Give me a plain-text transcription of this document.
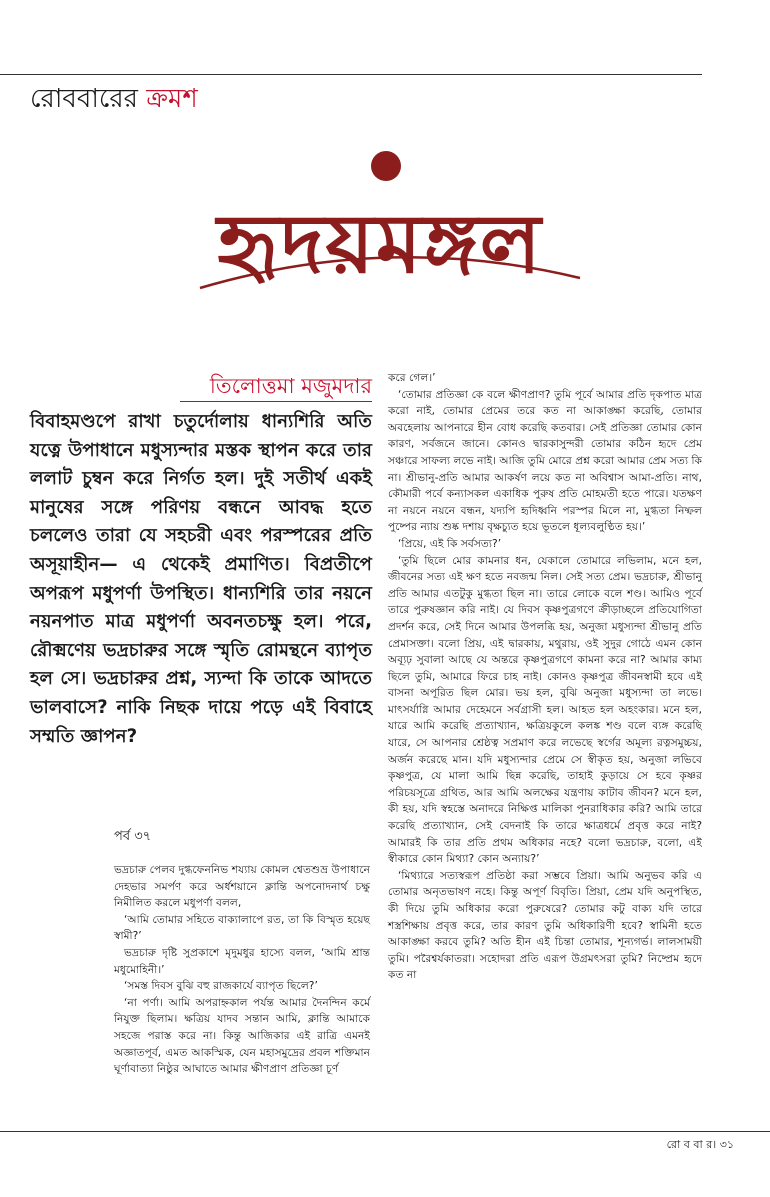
রোববারের ক্রমশ
হৃদয়মঙ্গল
তিলোত্তমা মজুমদার

বিবাহমণ্ডপে রাখা চতুর্দোলায় ধান্যশিরি অতি যত্নে উপাধানে মধুস্যন্দার মস্তক স্থাপন করে তার ললাট চুম্বন করে নির্গত হল। দুই সতীর্থ একই মানুষের সঙ্গে পরিণয় বন্ধনে আবদ্ধ হতে চললেও তারা যে সহচরী এবং পরস্পরের প্রতি অসূয়াহীন— এ থেকেই প্রমাণিত। বিপ্রতীপে অপরূপ মধুপর্ণা উপস্থিত। ধান্যশিরি তার নয়নে নয়নপাত মাত্র মধুপর্ণা অবনতচক্ষু হল। পরে, রৌক্মণেয় ভদ্রচারুর সঙ্গে স্মৃতি রোমন্থনে ব্যাপৃত হল সে। ভদ্রচারুর প্রশ্ন, স্যন্দা কি তাকে আদতে ভালবাসে? নাকি নিছক দায়ে পড়ে এই বিবাহে সম্মতি জ্ঞাপন?

পর্ব ৩৭

ভদ্রচারু পেলব দুগ্ধফেননিভ শয্যায় কোমল শ্বেতশুভ্র উপাধানে দেহভার সমর্পণ করে অর্ধশয়ানে ক্লান্তি অপনোদনার্থ চক্ষু নিমীলিত করলে মধুপর্ণা বলল,

‘আমি তোমার সহিতে বাক্যালাপে রত, তা কি বিস্মৃত হয়েছ স্বামী?’

ভদ্রচারু দৃষ্টি সুপ্রকাশে মৃদুমধুর হাস্যে বলল, ‘আমি শ্রান্ত মধুমোহিনী।’

‘সমস্ত দিবস বুঝি বহু রাজকার্যে ব্যাপৃত ছিলে?’

‘না পর্ণা। আমি অপরাহ্নকাল পর্যন্ত আমার দৈনন্দিন কর্মে নিযুক্ত ছিলাম। ক্ষত্রিয় যাদব সন্তান আমি, ক্লান্তি আমাকে সহজে পরাস্ত করে না। কিন্তু আজিকার এই রাত্রি এমনই অজ্ঞাতপূর্ব, এমত আকস্মিক, যেন মহাসমুদ্রের প্রবল শক্তিমান ঘূর্ণাবাত্যা নিষ্ঠুর আঘাতে আমার ক্ষীণপ্রাণ প্রতিজ্ঞা চূর্ণ

করে গেল।’

‘তোমার প্রতিজ্ঞা কে বলে ক্ষীণপ্রাণ? তুমি পূর্বে আমার প্রতি দৃকপাত মাত্র করো নাই, তোমার প্রেমের তরে কত না আকাঙ্ক্ষা করেছি, তোমার অবহেলায় আপনারে হীন বোধ করেছি কতবার। সেই প্রতিজ্ঞা তোমার কোন কারণ, সর্বজনে জানে। কোনও দ্বারকাসুন্দরী তোমার কঠিন হৃদে প্রেম সঞ্চারে সাফল্য লভে নাই। আজি তুমি মোরে প্রশ্ন করো আমার প্রেম সত্য কি না। শ্রীভানু-প্রতি আমার আকর্ষণ লয়ে কত না অবিশ্বাস আমা-প্রতি। নাথ, কৌমারী পর্বে কন্যাসকল একাধিক পুরুষ প্রতি মোহমতী হতে পারে। যতক্ষণ না নয়নে নয়নে বন্ধন, যদ্যপি হৃদিধ্বনি পরস্পর মিলে না, মুগ্ধতা নিষ্ফল পুষ্পের ন্যায় শুষ্ক দশায় বৃক্ষচ্যুত হয়ে ভূতলে ধূল্যবলুণ্ঠিত হয়।’

‘প্রিয়ে, এই কি সর্বসত্য?’

‘তুমি ছিলে মোর কামনার ধন, যেকালে তোমারে লভিলাম, মনে হল, জীবনের সত্য এই ক্ষণ হতে নবজন্ম নিল। সেই সত্য প্রেম। ভদ্রচারু, শ্রীভানু প্রতি আমার এতটুকু মুগ্ধতা ছিল না। তারে লোকে বলে শণ্ড। আমিও পূর্বে তারে পুরুষজ্ঞান করি নাই। যে দিবস কৃষ্ণপুত্রগণে ক্রীড়াচ্ছলে প্রতিযোগিতা প্রদর্শন করে, সেই দিনে আমার উপলব্ধি হয়, অনুজা মধুস্যন্দা শ্রীভানু প্রতি প্রেমাসক্তা। বলো প্রিয়, এই দ্বারকায়, মথুরায়, ওই সুদুর গোঠে এমন কোন অব্যূঢ় সুবালা আছে যে অন্তরে কৃষ্ণপুত্রগণে কামনা করে না? আমার কাম্য ছিলে তুমি, আমারে ফিরে চাহ নাই। কোনও কৃষ্ণপুত্র জীবনস্বামী হবে এই বাসনা অপূরিত ছিল মোর। ভয় হল, বুঝি অনুজা মধুস্যন্দা তা লভে। মাৎসর্যাগ্নি আমার দেহেমনে সর্বগ্রাসী হল। আহত হল অহংকার। মনে হল, যারে আমি করেছি প্রত্যাখ্যান, ক্ষত্রিয়কুলে কলঙ্ক শণ্ড বলে ব্যঙ্গ করেছি যারে, সে আপনার শ্রেষ্ঠত্ব সপ্রমাণ করে লভেছে স্বর্গের অমূল্য রত্নসমুচ্চয়, অর্জন করেছে মান। যদি মধুস্যন্দার প্রেমে সে স্বীকৃত হয়, অনুজা লভিবে কৃষ্ণপুত্র, যে মালা আমি ছিন্ন করেছি, তাহাই কুড়ায়ে সে হবে কৃষ্ণর পরিচয়সূত্রে গ্রথিত, আর আমি অলক্ষের যন্ত্রণায় কাটাব জীবন? মনে হল, কী হয়, যদি স্বহস্তে অনাদরে নিক্ষিপ্ত মালিকা পুনরাধিকার করি? আমি তারে করেছি প্রত্যাখ্যান, সেই বেদনাই কি তারে ক্ষাত্রধর্মে প্রবৃত্ত করে নাই? আমারই কি তার প্রতি প্রথম অধিকার নহে? বলো ভদ্রচারু, বলো, এই স্বীকারে কোন মিথ্যা? কোন অন্যায়?’

‘মিথ্যারে সত্যস্বরূপ প্রতিষ্ঠা করা সম্ভবে প্রিয়া। আমি অনুভব করি এ তোমার অনৃতভাষণ নহে। কিন্তু অপূর্ণ বিবৃতি। প্রিয়া, প্রেম যদি অনুপস্থিত, কী দিয়ে তুমি অধিকার করো পুরুষেরে? তোমার কটু বাক্য যদি তারে শস্ত্রশিক্ষায় প্রবৃত্ত করে, তার কারণ তুমি অধিকারিণী হবে? স্বামিনী হতে আকাঙ্ক্ষা করবে তুমি? অতি হীন এই চিন্তা তোমার, শূন্যগর্ভ। লালসাময়ী তুমি। পরৈশ্বর্যকাতরা। সহোদরা প্রতি এরূপ উগ্রমৎসরা তুমি? নিষ্প্রেম হৃদে কত না

রো ব বা র। ৩১
